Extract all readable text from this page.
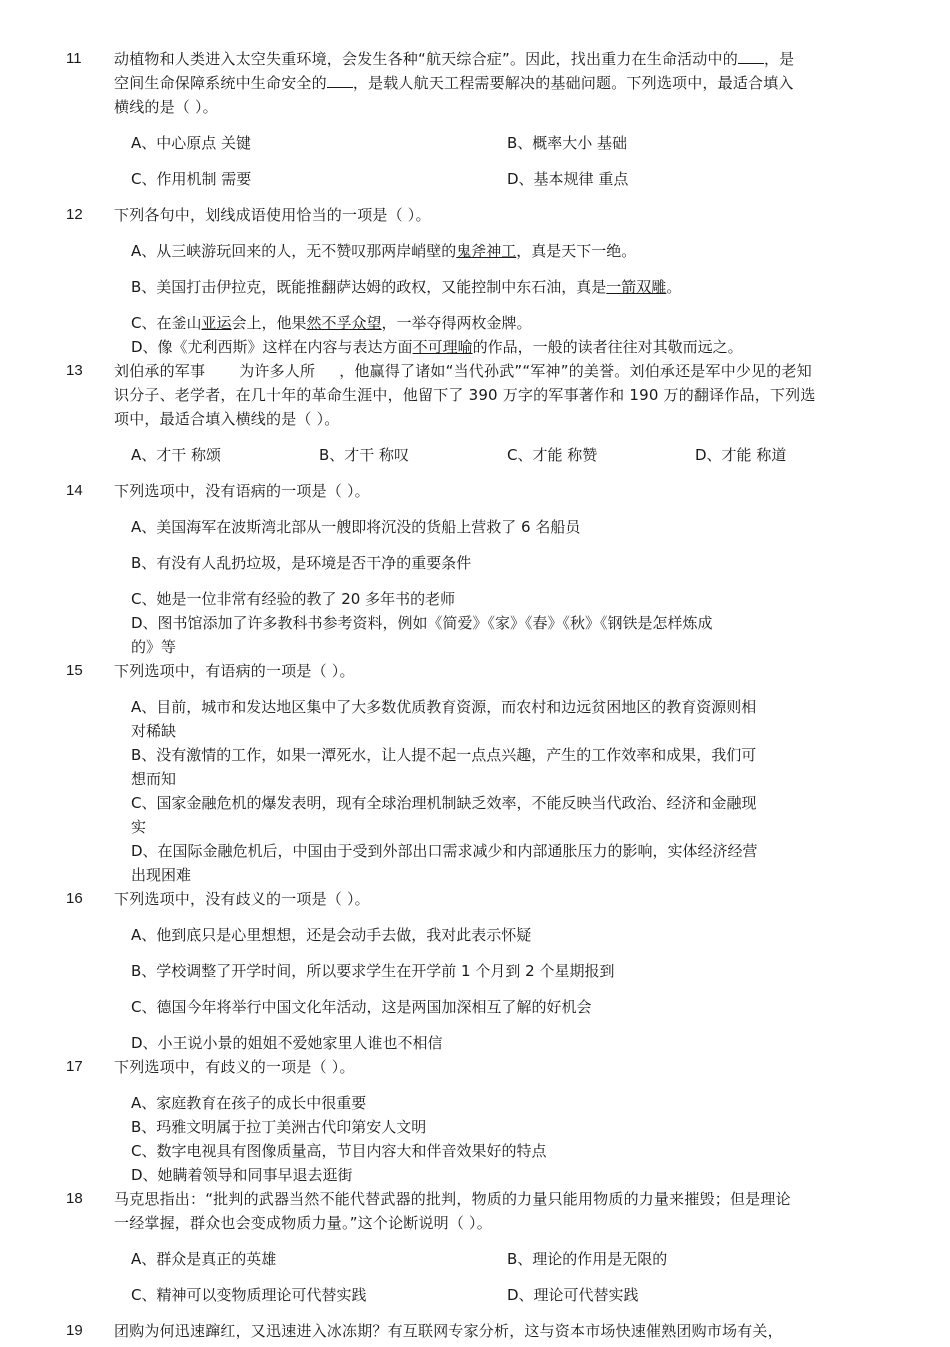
11 动植物和人类进入太空失重环境，会发生各种“航天综合症”。因此，找出重力在生命活动中的 ，是
空间生命保障系统中生命安全的 ，是载人航天工程需要解决的基础问题。下列选项中，最适合填入
横线的是（ ）。
A、中心原点 关键	B、概率大小 基础
C、作用机制 需要	D、基本规律 重点
12 下列各句中，划线成语使用恰当的一项是（ ）。
A、从三峡游玩回来的人，无不赞叹那两岸峭壁的鬼斧神工，真是天下一绝。
B、美国打击伊拉克，既能推翻萨达姆的政权，又能控制中东石油，真是一箭双雕。
C、在釜山亚运会上，他果然不孚众望，一举夺得两枚金牌。
D、像《尤利西斯》这样在内容与表达方面不可理喻的作品，一般的读者往往对其敬而远之。
13 刘伯承的军事 为许多人所 ，他赢得了诸如“当代孙武”“军神”的美誉。刘伯承还是军中少见的老知
识分子、老学者，在几十年的革命生涯中，他留下了 390 万字的军事著作和 190 万的翻译作品，下列选
项中，最适合填入横线的是（ ）。
A、才干 称颂	B、才干 称叹	C、才能 称赞	D、才能 称道
14 下列选项中，没有语病的一项是（ ）。
A、美国海军在波斯湾北部从一艘即将沉没的货船上营救了 6 名船员
B、有没有人乱扔垃圾，是环境是否干净的重要条件
C、她是一位非常有经验的教了 20 多年书的老师
D、图书馆添加了许多教科书参考资料，例如《简爱》《家》《春》《秋》《钢铁是怎样炼成
的》等
15 下列选项中，有语病的一项是（ ）。
A、目前，城市和发达地区集中了大多数优质教育资源，而农村和边远贫困地区的教育资源则相
对稀缺
B、没有激情的工作，如果一潭死水，让人提不起一点点兴趣，产生的工作效率和成果，我们可
想而知
C、国家金融危机的爆发表明，现有全球治理机制缺乏效率，不能反映当代政治、经济和金融现
实
D、在国际金融危机后，中国由于受到外部出口需求减少和内部通胀压力的影响，实体经济经营
出现困难
16 下列选项中，没有歧义的一项是（ ）。
A、他到底只是心里想想，还是会动手去做，我对此表示怀疑
B、学校调整了开学时间，所以要求学生在开学前 1 个月到 2 个星期报到
C、德国今年将举行中国文化年活动，这是两国加深相互了解的好机会
D、小王说小景的姐姐不爱她家里人谁也不相信
17 下列选项中，有歧义的一项是（ ）。
A、家庭教育在孩子的成长中很重要
B、玛雅文明属于拉丁美洲古代印第安人文明
C、数字电视具有图像质量高，节目内容大和伴音效果好的特点
D、她瞒着领导和同事早退去逛街
18 马克思指出：“批判的武器当然不能代替武器的批判，物质的力量只能用物质的力量来摧毁；但是理论
一经掌握，群众也会变成物质力量。”这个论断说明（ ）。
A、群众是真正的英雄	B、理论的作用是无限的
C、精神可以变物质理论可代替实践	D、理论可代替实践
19 团购为何迅速蹿红，又迅速进入冰冻期？有互联网专家分析，这与资本市场快速催熟团购市场有关，
